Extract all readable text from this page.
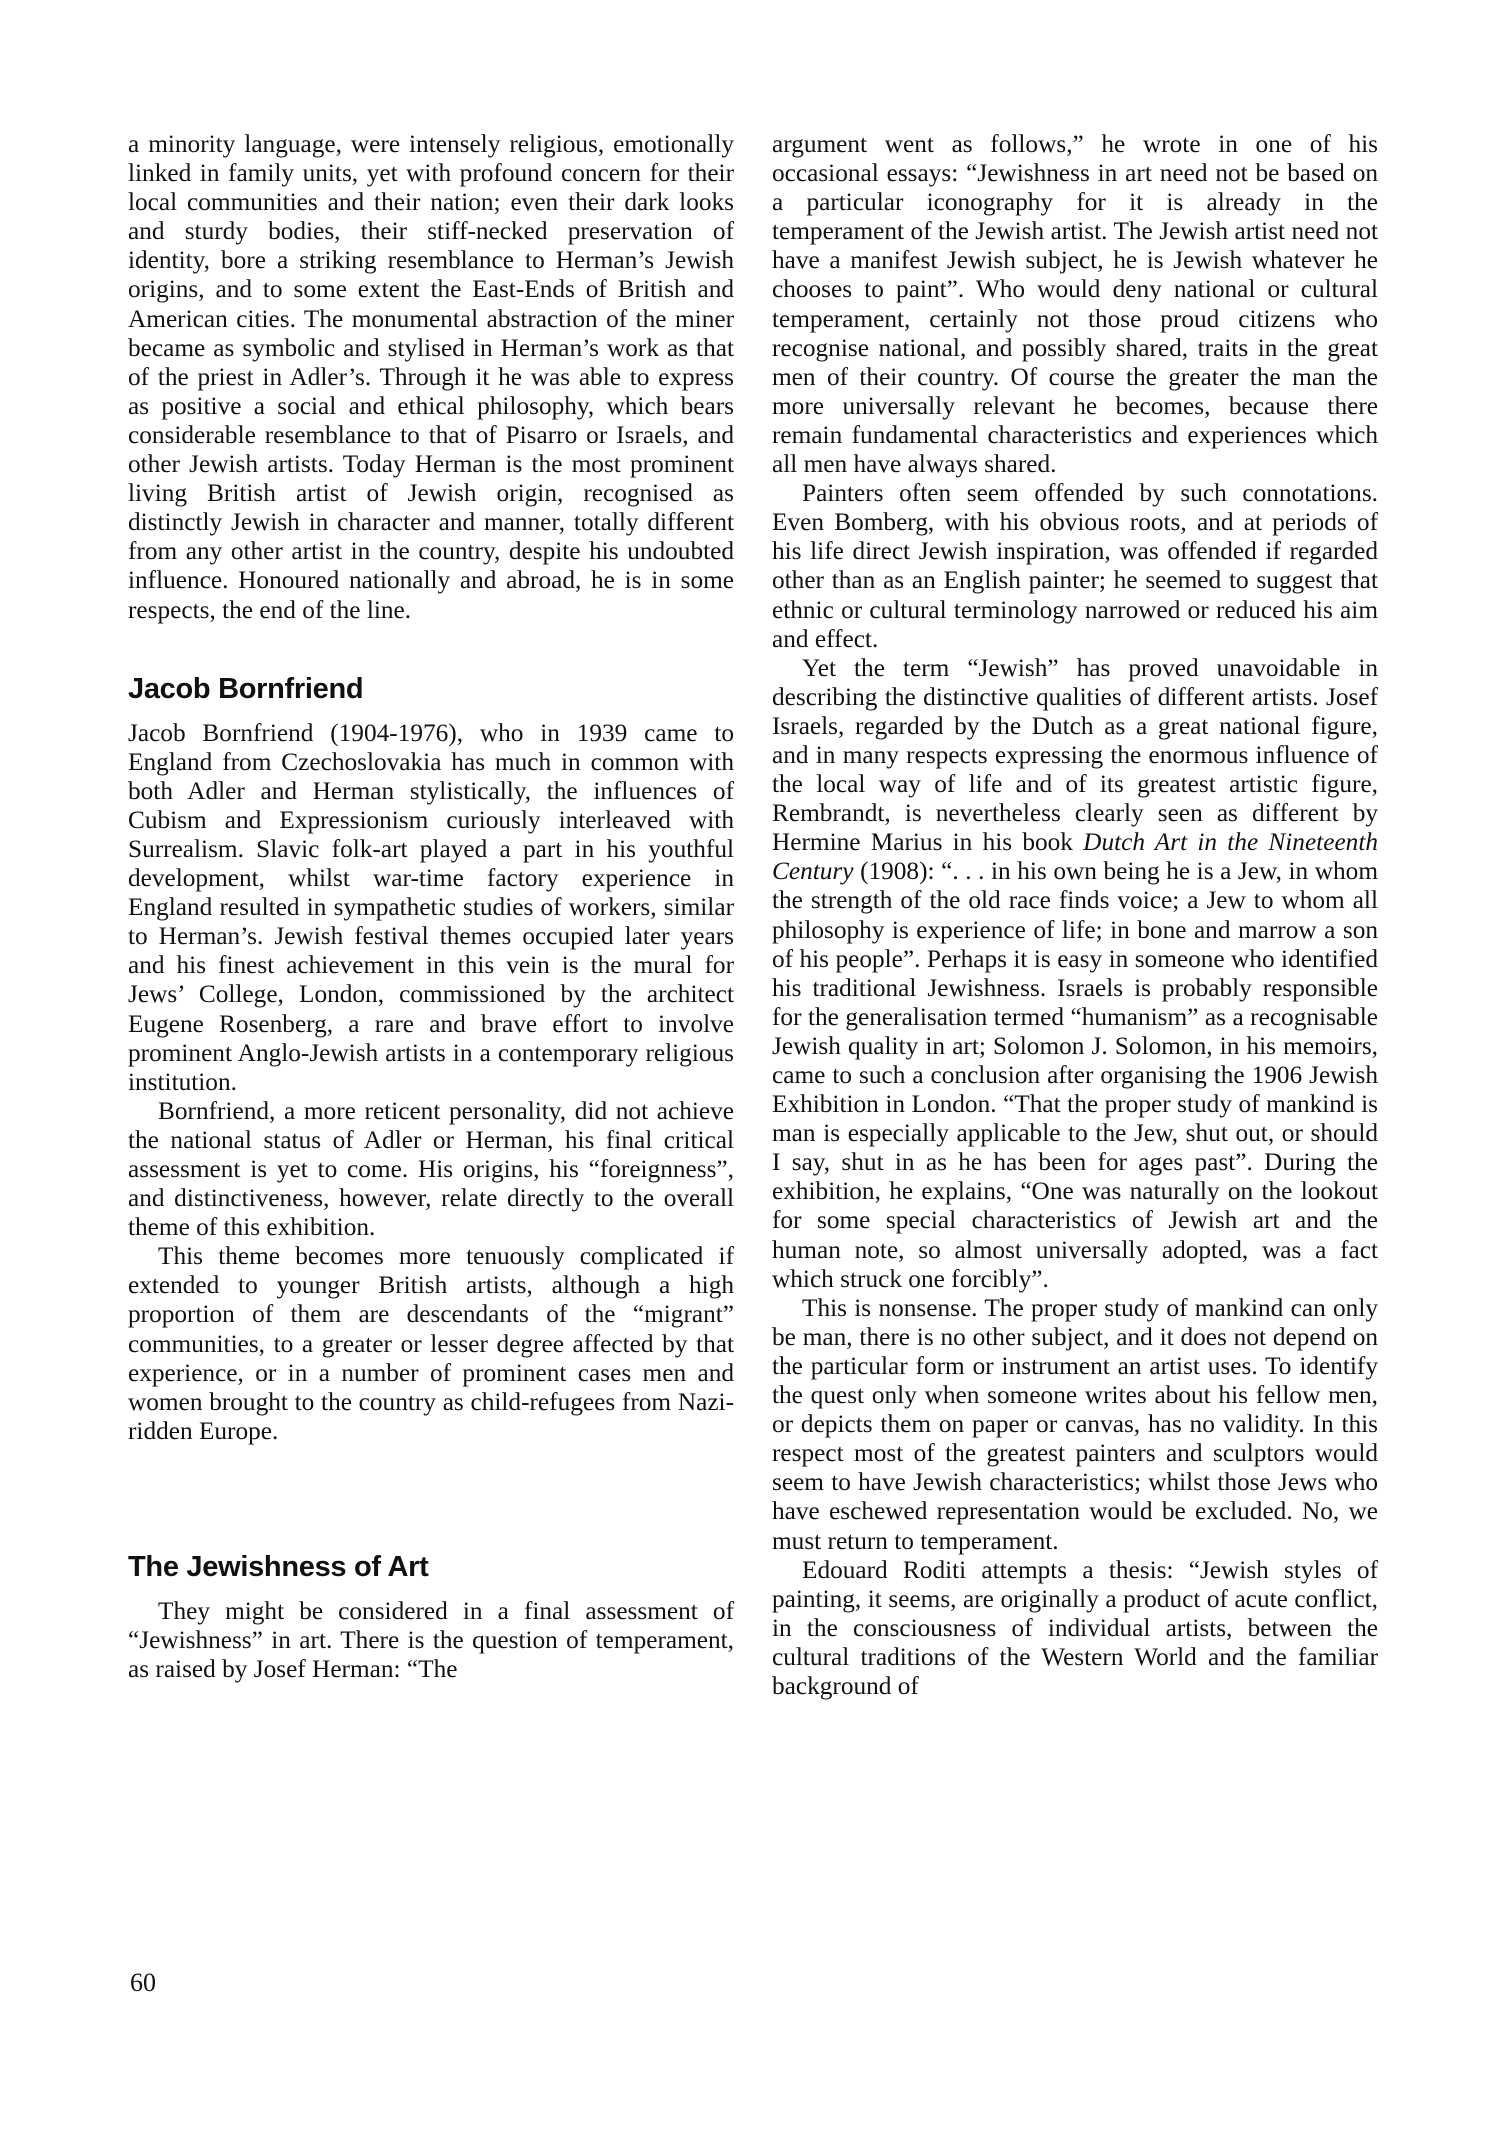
a minority language, were intensely religious, emotionally linked in family units, yet with profound concern for their local communities and their nation; even their dark looks and sturdy bodies, their stiff-necked preservation of identity, bore a striking resemblance to Herman’s Jewish origins, and to some extent the East-Ends of British and American cities. The monumental abstraction of the miner became as symbolic and stylised in Herman’s work as that of the priest in Adler’s. Through it he was able to express as positive a social and ethical philosophy, which bears considerable resemblance to that of Pisarro or Israels, and other Jewish artists. Today Herman is the most prominent living British artist of Jewish origin, recognised as distinctly Jewish in character and manner, totally different from any other artist in the country, despite his undoubted influence. Honoured nationally and abroad, he is in some respects, the end of the line.

Jacob Bornfriend

Jacob Bornfriend (1904-1976), who in 1939 came to England from Czechoslovakia has much in common with both Adler and Herman stylistically, the influences of Cubism and Expressionism curiously interleaved with Surrealism. Slavic folk-art played a part in his youthful development, whilst war-time factory experience in England resulted in sympathetic studies of workers, similar to Herman’s. Jewish festival themes occupied later years and his finest achievement in this vein is the mural for Jews’ College, London, commissioned by the architect Eugene Rosenberg, a rare and brave effort to involve prominent Anglo-Jewish artists in a contemporary religious institution.

Bornfriend, a more reticent personality, did not achieve the national status of Adler or Herman, his final critical assessment is yet to come. His origins, his “foreignness”, and distinctiveness, however, relate directly to the overall theme of this exhibition.

This theme becomes more tenuously complicated if extended to younger British artists, although a high proportion of them are descendants of the “migrant” communities, to a greater or lesser degree affected by that experience, or in a number of prominent cases men and women brought to the country as child-refugees from Nazi-ridden Europe.

The Jewishness of Art

They might be considered in a final assessment of “Jewishness” in art. There is the question of temperament, as raised by Josef Herman: “The

argument went as follows,” he wrote in one of his occasional essays: “Jewishness in art need not be based on a particular iconography for it is already in the temperament of the Jewish artist. The Jewish artist need not have a manifest Jewish subject, he is Jewish whatever he chooses to paint”. Who would deny national or cultural temperament, certainly not those proud citizens who recognise national, and possibly shared, traits in the great men of their country. Of course the greater the man the more universally relevant he becomes, because there remain fundamental characteristics and experiences which all men have always shared.

Painters often seem offended by such connotations. Even Bomberg, with his obvious roots, and at periods of his life direct Jewish inspiration, was offended if regarded other than as an English painter; he seemed to suggest that ethnic or cultural terminology narrowed or reduced his aim and effect.

Yet the term “Jewish” has proved unavoidable in describing the distinctive qualities of different artists. Josef Israels, regarded by the Dutch as a great national figure, and in many respects expressing the enormous influence of the local way of life and of its greatest artistic figure, Rembrandt, is nevertheless clearly seen as different by Hermine Marius in his book Dutch Art in the Nineteenth Century (1908): “. . . in his own being he is a Jew, in whom the strength of the old race finds voice; a Jew to whom all philosophy is experience of life; in bone and marrow a son of his people”. Perhaps it is easy in someone who identified his traditional Jewishness. Israels is probably responsible for the generalisation termed “humanism” as a recognisable Jewish quality in art; Solomon J. Solomon, in his memoirs, came to such a conclusion after organising the 1906 Jewish Exhibition in London. “That the proper study of mankind is man is especially applicable to the Jew, shut out, or should I say, shut in as he has been for ages past”. During the exhibition, he explains, “One was naturally on the lookout for some special characteristics of Jewish art and the human note, so almost universally adopted, was a fact which struck one forcibly”.

This is nonsense. The proper study of mankind can only be man, there is no other subject, and it does not depend on the particular form or instrument an artist uses. To identify the quest only when someone writes about his fellow men, or depicts them on paper or canvas, has no validity. In this respect most of the greatest painters and sculptors would seem to have Jewish characteristics; whilst those Jews who have eschewed representation would be excluded. No, we must return to temperament.

Edouard Roditi attempts a thesis: “Jewish styles of painting, it seems, are originally a product of acute conflict, in the consciousness of individual artists, between the cultural traditions of the Western World and the familiar background of

60
